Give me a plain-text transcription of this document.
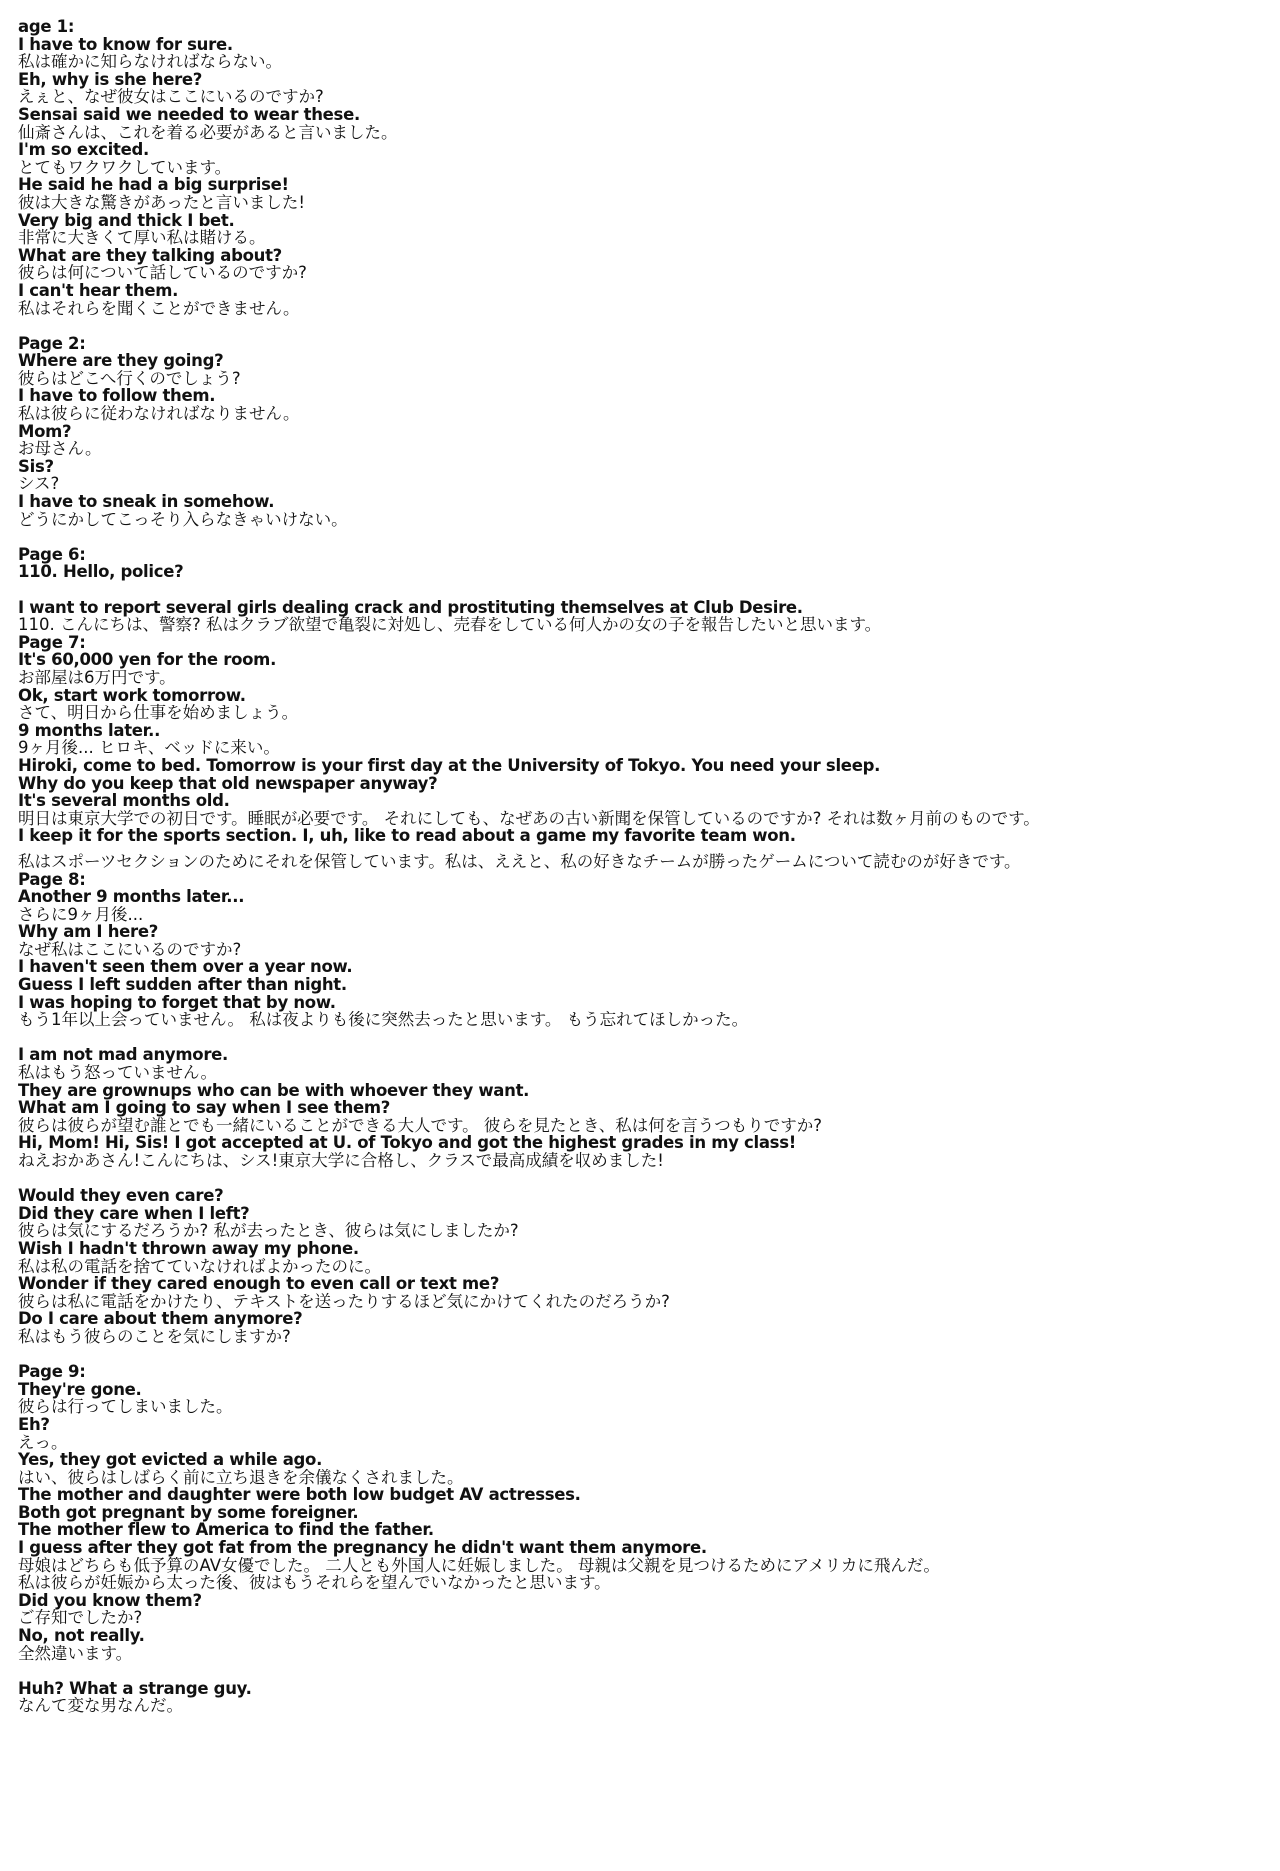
age 1:
I have to know for sure.
私は確かに知らなければならない。
Eh, why is she here?
えぇと、なぜ彼女はここにいるのですか?
Sensai said we needed to wear these.
仙斎さんは、これを着る必要があると言いました。
I'm so excited.
とてもワクワクしています。
He said he had a big surprise!
彼は大きな驚きがあったと言いました!
Very big and thick I bet.
非常に大きくて厚い私は賭ける。
What are they talking about?
彼らは何について話しているのですか?
I can't hear them.
私はそれらを聞くことができません。
Page 2:
Where are they going?
彼らはどこへ行くのでしょう?
I have to follow them.
私は彼らに従わなければなりません。
Mom?
お母さん。
Sis?
シス?
I have to sneak in somehow.
どうにかしてこっそり入らなきゃいけない。
Page 6:
110. Hello, police?
I want to report several girls dealing crack and prostituting themselves at Club Desire.
110. こんにちは、警察? 私はクラブ欲望で亀裂に対処し、売春をしている何人かの女の子を報告したいと思います。
Page 7:
It's 60,000 yen for the room.
お部屋は6万円です。
Ok, start work tomorrow.
さて、明日から仕事を始めましょう。
9 months later..
9ヶ月後... ヒロキ、ベッドに来い。
Hiroki, come to bed. Tomorrow is your first day at the University of Tokyo. You need your sleep.
Why do you keep that old newspaper anyway?
It's several months old.
明日は東京大学での初日です。睡眠が必要です。 それにしても、なぜあの古い新聞を保管しているのですか? それは数ヶ月前のものです。
I keep it for the sports section. I, uh, like to read about a game my favorite team won.
私はスポーツセクションのためにそれを保管しています。私は、ええと、私の好きなチームが勝ったゲームについて読むのが好きです。
Page 8:
Another 9 months later...
さらに9ヶ月後...
Why am I here?
なぜ私はここにいるのですか?
I haven't seen them over a year now.
Guess I left sudden after than night.
I was hoping to forget that by now.
もう1年以上会っていません。 私は夜よりも後に突然去ったと思います。 もう忘れてほしかった。
I am not mad anymore.
私はもう怒っていません。
They are grownups who can be with whoever they want.
What am I going to say when I see them?
彼らは彼らが望む誰とでも一緒にいることができる大人です。 彼らを見たとき、私は何を言うつもりですか?
Hi, Mom! Hi, Sis! I got accepted at U. of Tokyo and got the highest grades in my class!
ねえおかあさん!こんにちは、シス!東京大学に合格し、クラスで最高成績を収めました!
Would they even care?
Did they care when I left?
彼らは気にするだろうか? 私が去ったとき、彼らは気にしましたか?
Wish I hadn't thrown away my phone.
私は私の電話を捨てていなければよかったのに。
Wonder if they cared enough to even call or text me?
彼らは私に電話をかけたり、テキストを送ったりするほど気にかけてくれたのだろうか?
Do I care about them anymore?
私はもう彼らのことを気にしますか?
Page 9:
They're gone.
彼らは行ってしまいました。
Eh?
えっ。
Yes, they got evicted a while ago.
はい、彼らはしばらく前に立ち退きを余儀なくされました。
The mother and daughter were both low budget AV actresses.
Both got pregnant by some foreigner.
The mother flew to America to find the father.
I guess after they got fat from the pregnancy he didn't want them anymore.
母娘はどちらも低予算のAV女優でした。 二人とも外国人に妊娠しました。 母親は父親を見つけるためにアメリカに飛んだ。
私は彼らが妊娠から太った後、彼はもうそれらを望んでいなかったと思います。
Did you know them?
ご存知でしたか?
No, not really.
全然違います。
Huh? What a strange guy.
なんて変な男なんだ。
